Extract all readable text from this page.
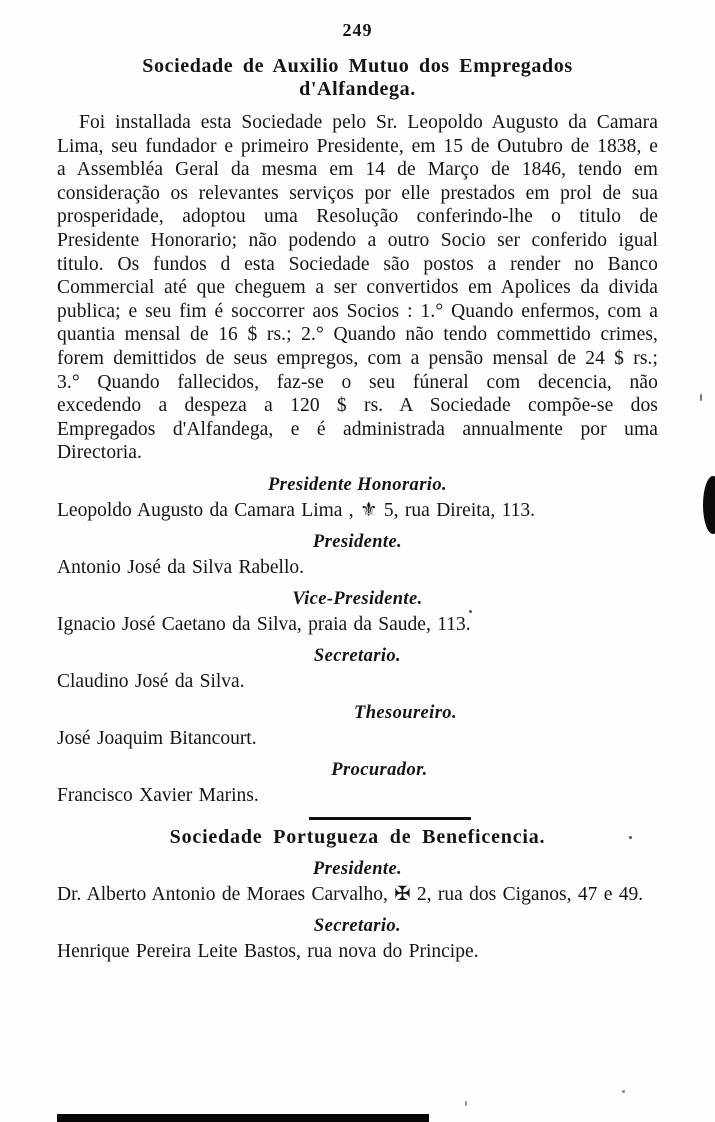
249
Sociedade de Auxilio Mutuo dos Empregados
d'Alfandega.
Foi installada esta Sociedade pelo Sr. Leopoldo Augusto da Camara Lima, seu fundador e primeiro Presidente, em 15 de Outubro de 1838, e a Assembléa Geral da mesma em 14 de Março de 1846, tendo em consideração os relevantes serviços por elle prestados em prol de sua prosperidade, adoptou uma Resolução conferindo-lhe o titulo de Presidente Honorario; não podendo a outro Socio ser conferido igual titulo. Os fundos d esta Sociedade são postos a render no Banco Commercial até que cheguem a ser convertidos em Apolices da divida publica; e seu fim é soccorrer aos Socios : 1.° Quando enfermos, com a quantia mensal de 16 $ rs.; 2.° Quando não tendo commettido crimes, forem demittidos de seus empregos, com a pensão mensal de 24 $ rs.; 3.° Quando fallecidos, faz-se o seu fúneral com decencia, não excedendo a despeza a 120 $ rs. A Sociedade compõe-se dos Empregados d'Alfandega, e é administrada annualmente por uma Directoria.
Presidente Honorario.
Leopoldo Augusto da Camara Lima , ⚜ 5, rua Direita, 113.
Presidente.
Antonio José da Silva Rabello.
Vice-Presidente.
Ignacio José Caetano da Silva, praia da Saude, 113.
Secretario.
Claudino José da Silva.
Thesoureiro.
José Joaquim Bitancourt.
Procurador.
Francisco Xavier Marins.
Sociedade Portugueza de Beneficencia.
Presidente.
Dr. Alberto Antonio de Moraes Carvalho, ✠ 2, rua dos Ciganos, 47 e 49.
Secretario.
Henrique Pereira Leite Bastos, rua nova do Principe.
